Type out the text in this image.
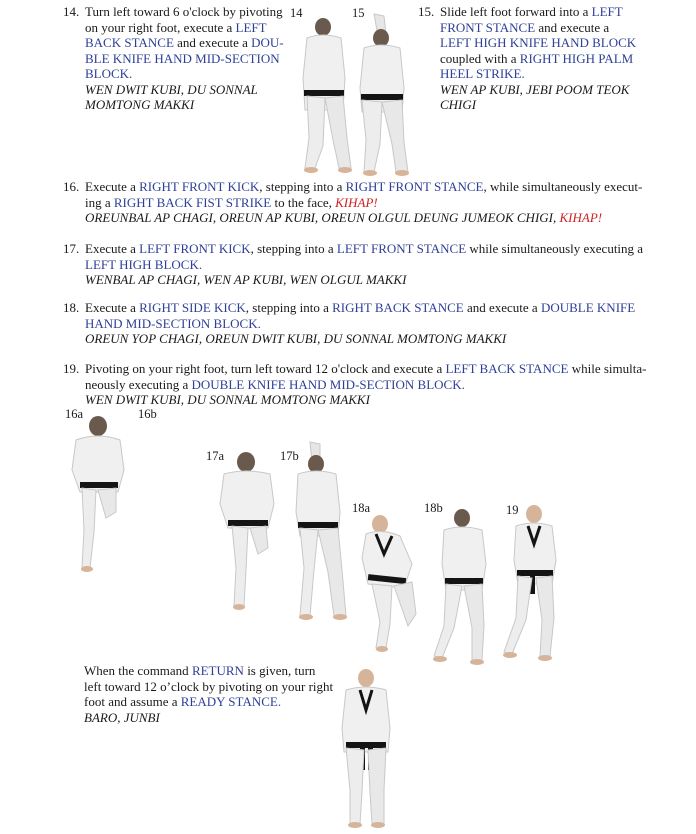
14. Turn left toward 6 o'clock by pivoting
on your right foot, execute a LEFT
BACK STANCE and execute a DOU-
BLE KNIFE HAND MID-SECTION
BLOCK.
WEN DWIT KUBI, DU SONNAL
MOMTONG MAKKI
15. Slide left foot forward into a LEFT
FRONT STANCE and execute a
LEFT HIGH KNIFE HAND BLOCK
coupled with a RIGHT HIGH PALM
HEEL STRIKE.
WEN AP KUBI, JEBI POOM TEOK
CHIGI
16. Execute a RIGHT FRONT KICK, stepping into a RIGHT FRONT STANCE, while simultaneously execut-
ing a RIGHT BACK FIST STRIKE to the face, KIHAP!
OREUNBAL AP CHAGI, OREUN AP KUBI, OREUN OLGUL DEUNG JUMEOK CHIGI, KIHAP!
17. Execute a LEFT FRONT KICK, stepping into a LEFT FRONT STANCE while simultaneously executing a
LEFT HIGH BLOCK.
WENBAL AP CHAGI, WEN AP KUBI, WEN OLGUL MAKKI
18. Execute a RIGHT SIDE KICK, stepping into a RIGHT BACK STANCE and execute a DOUBLE KNIFE
HAND MID-SECTION BLOCK.
OREUN YOP CHAGI, OREUN DWIT KUBI, DU SONNAL MOMTONG MAKKI
19. Pivoting on your right foot, turn left toward 12 o'clock and execute a LEFT BACK STANCE while simulta-
neously executing a DOUBLE KNIFE HAND MID-SECTION BLOCK.
WEN DWIT KUBI, DU SONNAL MOMTONG MAKKI
When the command RETURN is given, turn
left toward 12 o’clock by pivoting on your right
foot and assume a READY STANCE.
BARO, JUNBI
14	15
16a	16b
17a	17b
18a	18b	19
